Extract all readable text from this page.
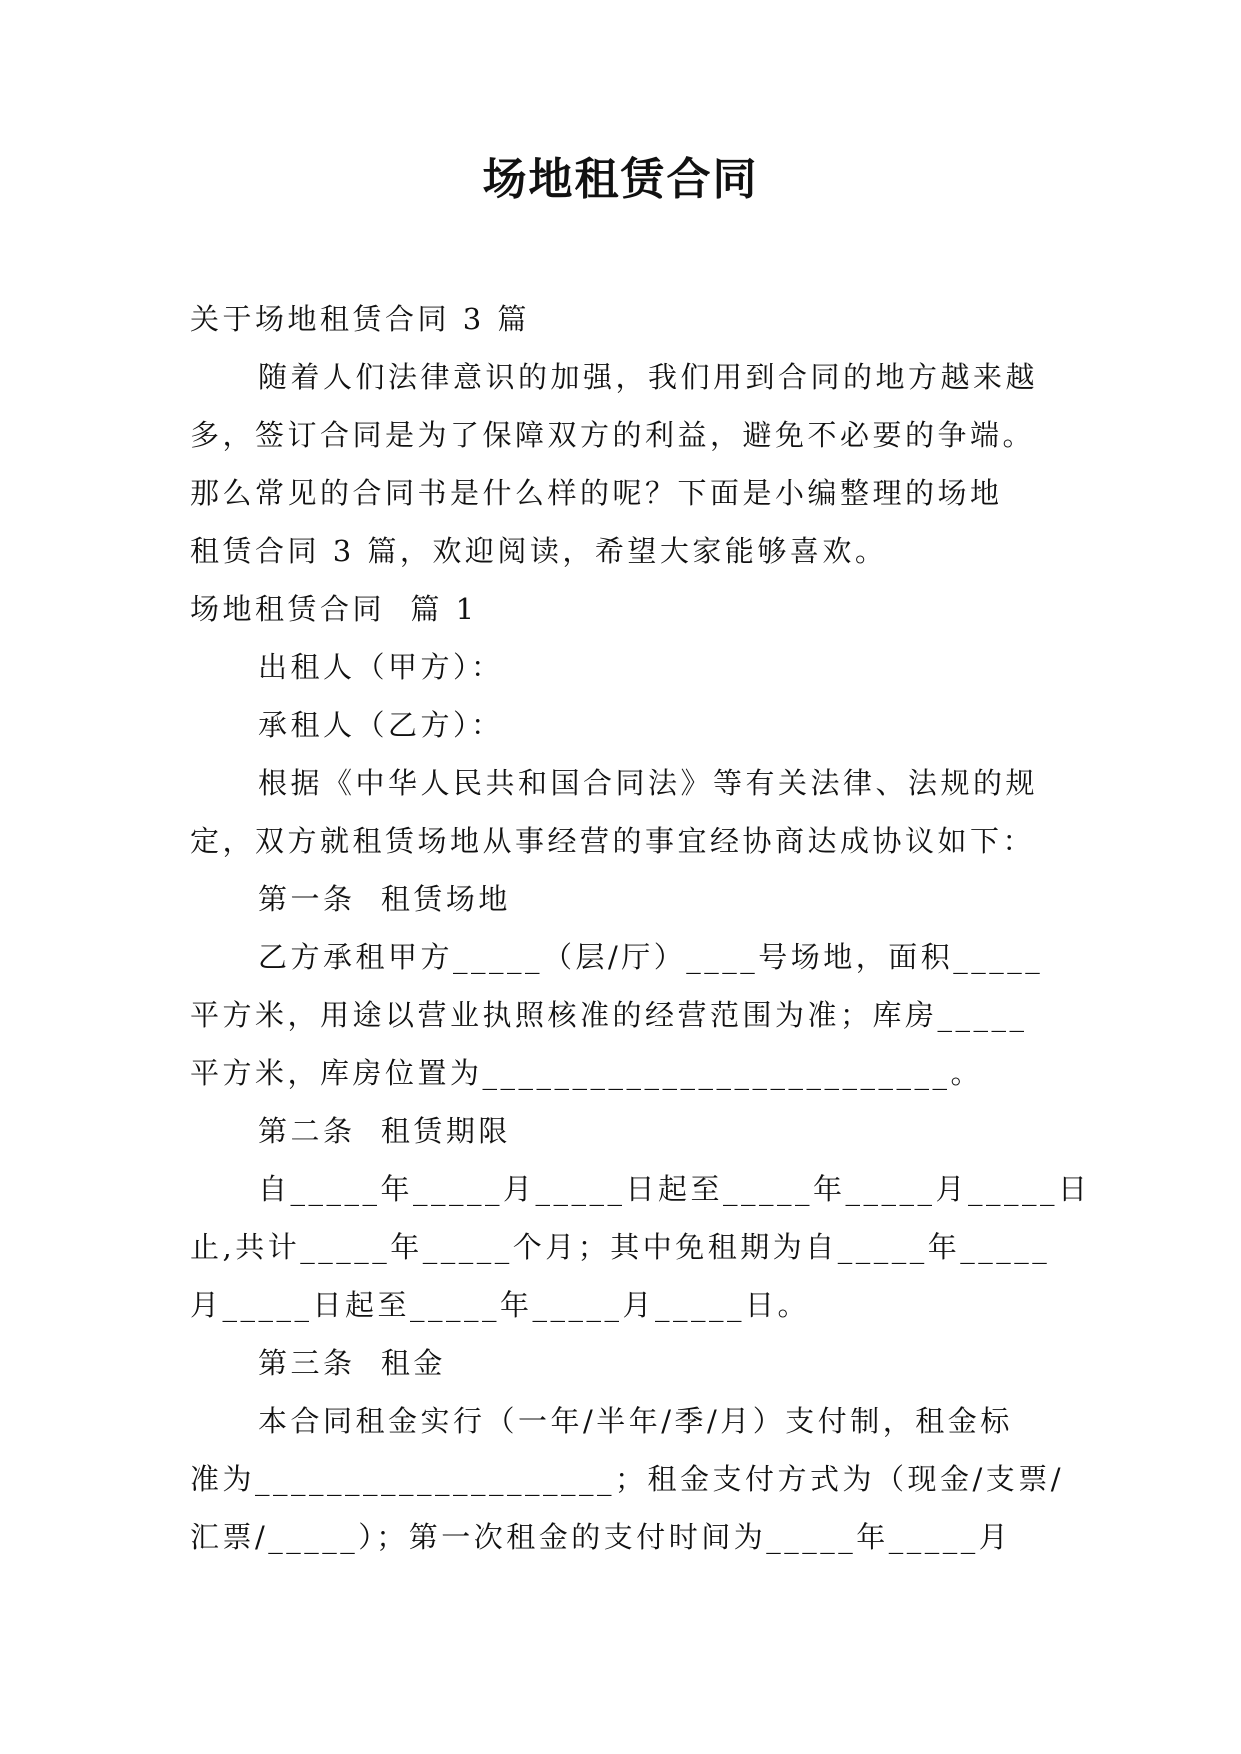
场地租赁合同
关于场地租赁合同 3 篇
随着人们法律意识的加强，我们用到合同的地方越来越
多，签订合同是为了保障双方的利益，避免不必要的争端。
那么常见的合同书是什么样的呢？下面是小编整理的场地
租赁合同 3 篇，欢迎阅读，希望大家能够喜欢。
场地租赁合同  篇 1
出租人（甲方）：
承租人（乙方）：
根据《中华人民共和国合同法》等有关法律、法规的规
定，双方就租赁场地从事经营的事宜经协商达成协议如下：
第一条  租赁场地
乙方承租甲方_____（层/厅）____号场地，面积_____
平方米，用途以营业执照核准的经营范围为准；库房_____
平方米，库房位置为__________________________。
第二条  租赁期限
自_____年_____月_____日起至_____年_____月_____日
止,共计_____年_____个月；其中免租期为自_____年_____
月_____日起至_____年_____月_____日。
第三条  租金
本合同租金实行（一年/半年/季/月）支付制，租金标
准为____________________；租金支付方式为（现金/支票/
汇票/_____）；第一次租金的支付时间为_____年_____月
